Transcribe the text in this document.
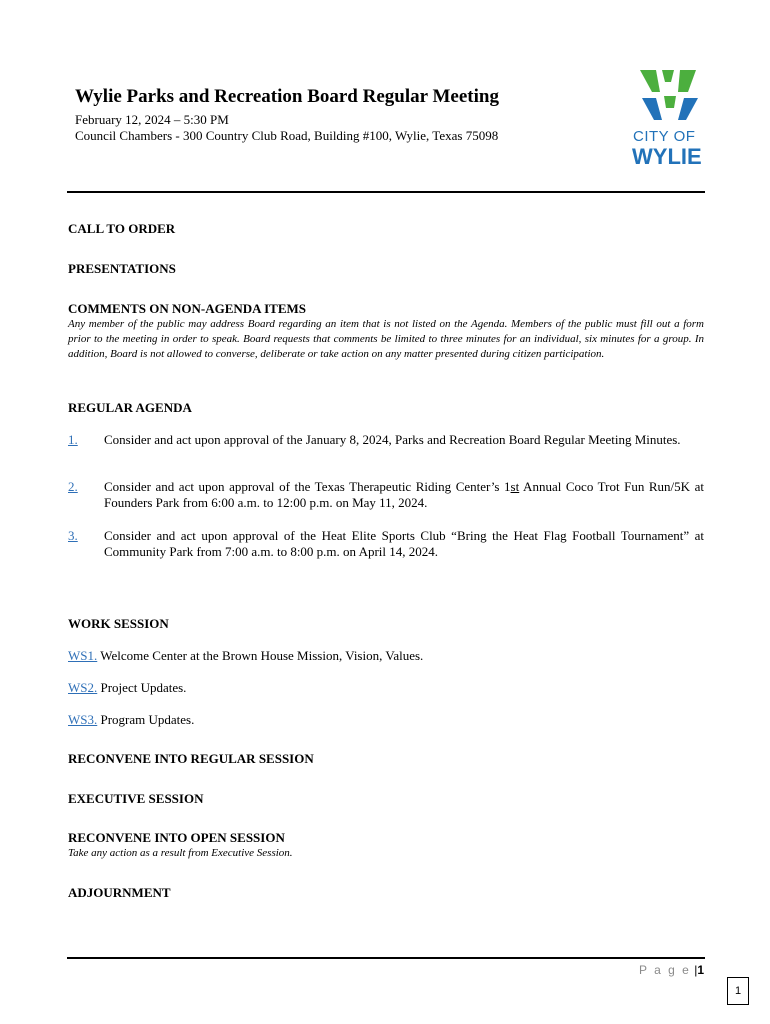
Wylie Parks and Recreation Board Regular Meeting
February 12, 2024 – 5:30 PM
Council Chambers - 300 Country Club Road, Building #100, Wylie, Texas 75098	CITY OF
WYLIE
CALL TO ORDER
PRESENTATIONS
COMMENTS ON NON-AGENDA ITEMS
Any member of the public may address Board regarding an item that is not listed on the Agenda. Members of the public must fill out a form prior to the meeting in order to speak. Board requests that comments be limited to three minutes for an individual, six minutes for a group. In addition, Board is not allowed to converse, deliberate or take action on any matter presented during citizen participation.
REGULAR AGENDA
1. Consider and act upon approval of the January 8, 2024, Parks and Recreation Board Regular Meeting Minutes.
2. Consider and act upon approval of the Texas Therapeutic Riding Center’s 1st Annual Coco Trot Fun Run/5K at Founders Park from 6:00 a.m. to 12:00 p.m. on May 11, 2024.
3. Consider and act upon approval of the Heat Elite Sports Club “Bring the Heat Flag Football Tournament” at Community Park from 7:00 a.m. to 8:00 p.m. on April 14, 2024.
WORK SESSION
WS1. Welcome Center at the Brown House Mission, Vision, Values.
WS2. Project Updates.
WS3. Program Updates.
RECONVENE INTO REGULAR SESSION
EXECUTIVE SESSION
RECONVENE INTO OPEN SESSION
Take any action as a result from Executive Session.
ADJOURNMENT
P a g e |1
1
